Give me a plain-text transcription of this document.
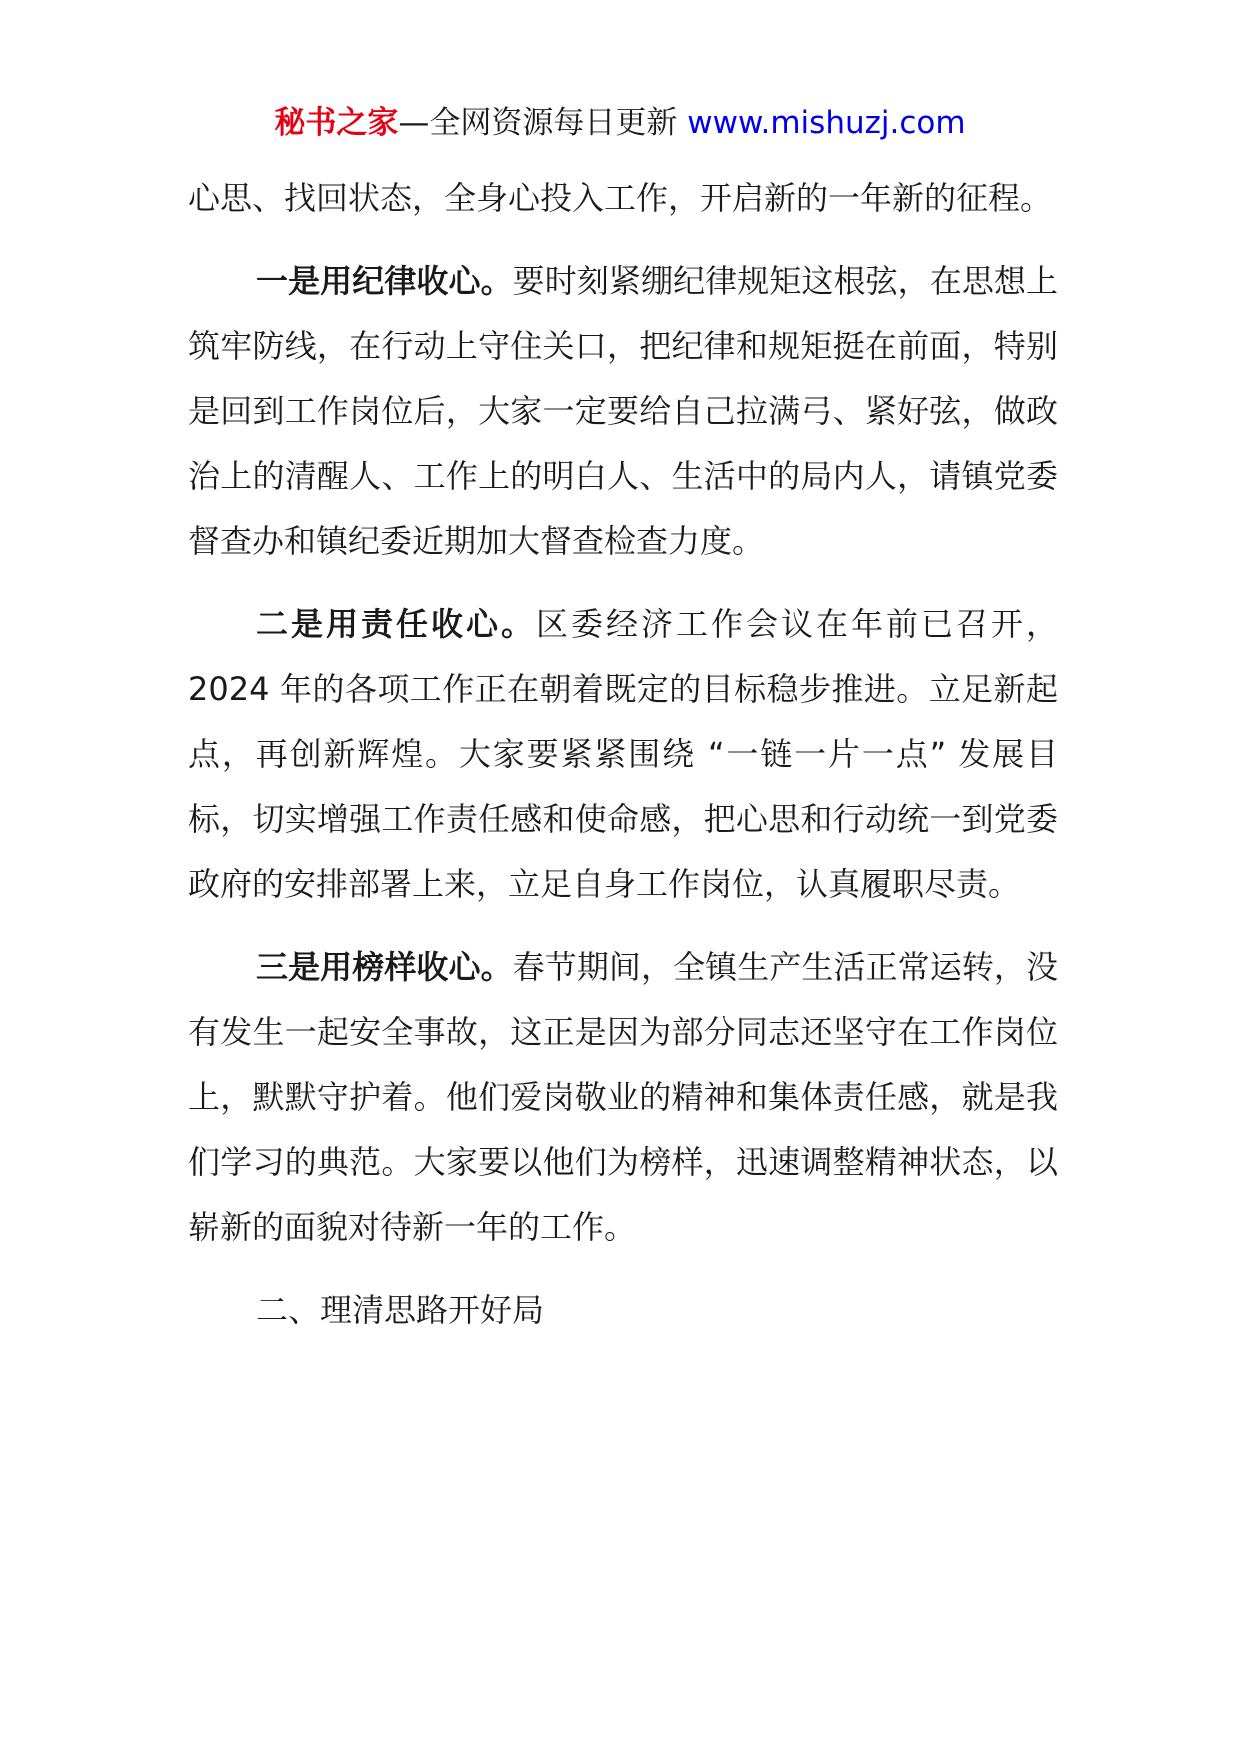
秘书之家—全网资源每日更新 www.mishuzj.com

心思、找回状态，全身心投入工作，开启新的一年新的征程。

一是用纪律收心。要时刻紧绷纪律规矩这根弦，在思想上筑牢防线，在行动上守住关口，把纪律和规矩挺在前面，特别是回到工作岗位后，大家一定要给自己拉满弓、紧好弦，做政治上的清醒人、工作上的明白人、生活中的局内人，请镇党委督查办和镇纪委近期加大督查检查力度。

二是用责任收心。区委经济工作会议在年前已召开，2024 年的各项工作正在朝着既定的目标稳步推进。立足新起点，再创新辉煌。大家要紧紧围绕 “一链一片一点” 发展目标，切实增强工作责任感和使命感，把心思和行动统一到党委政府的安排部署上来，立足自身工作岗位，认真履职尽责。

三是用榜样收心。春节期间，全镇生产生活正常运转，没有发生一起安全事故，这正是因为部分同志还坚守在工作岗位上，默默守护着。他们爱岗敬业的精神和集体责任感，就是我们学习的典范。大家要以他们为榜样，迅速调整精神状态，以崭新的面貌对待新一年的工作。

二、理清思路开好局
